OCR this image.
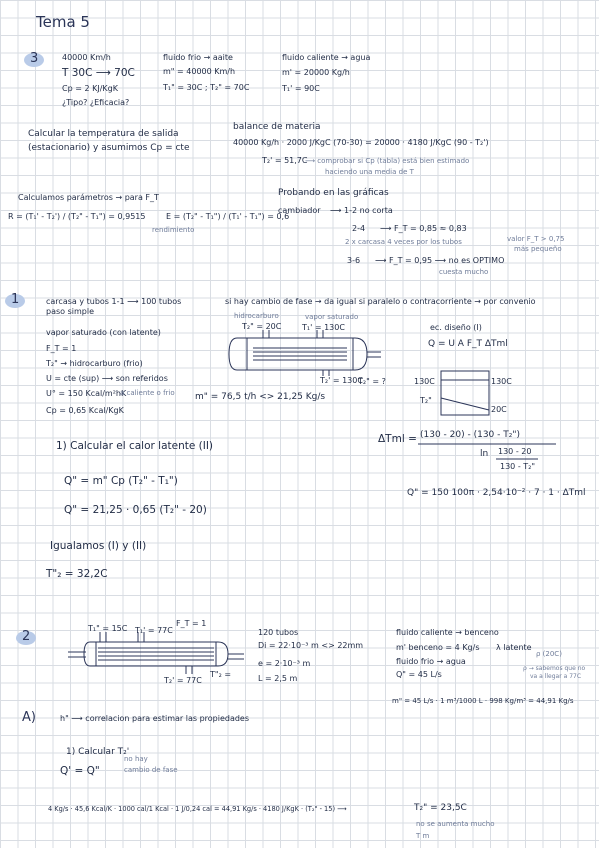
Tema 5
3	40000 Km/h
T 30C ⟶ 70C
Cp = 2 KJ/KgK
¿Tipo? ¿Eficacia?
fluido frio → aaite
m" = 40000 Km/h
T₁" = 30C ; T₂" = 70C
fluido caliente → agua
m' = 20000 Kg/h
T₁' = 90C
Calcular la temperatura de salida
(estacionario) y asumimos Cp = cte
balance de materia
40000 Kg/h · 2000 J/KgC (70-30) = 20000 · 4180 J/KgC (90 - T₂')
T₂' = 51,7C
⟶ comprobar si Cp (tabla) está bien estimado
haciendo una media de T
Calculamos parámetros → para F_T
R = (T₁' - T₂') / (T₂" - T₁") = 0,9515	E = (T₂" - T₁") / (T₁' - T₁") = 0,6
rendimiento
Probando en las gráficas
cambiador ⟶ 1-2 no corta
2-4 ⟶ F_T = 0,85 ≈ 0,83
2 x carcasa 4 veces por los tubos	valor F_T > 0,75
más pequeño
3-6 ⟶ F_T = 0,95 ⟶ no es OPTIMO
cuesta mucho
1	carcasa y tubos 1-1 ⟶ 100 tubos
paso simple
si hay cambio de fase → da igual si paralelo o contracorriente → por convenio
hidrocarburo	vapor saturado
T₂" = 20C	T₁' = 130C
T₂' = 130C
T₂" = ?
vapor saturado (con latente)
F_T = 1
T₂" → hidrocarburo (frio)
U = cte (sup) ⟶ son referidos
U° = 150 Kcal/m²hK
a caliente o frio
Cp = 0,65 Kcal/KgK
m" = 76,5 t/h <> 21,25 Kg/s
ec. diseño (I)
Q = U A F_T ΔTml
130C	130C
T₂"
20C
1) Calcular el calor latente (II)
Q" = m" Cp (T₂" - T₁")
Q" = 21,25 · 0,65 (T₂" - 20)
ΔTml = (130 - 20) - (130 - T₂")
ln 130 - 20
130 - T₂"
Q" = 150 100π · 2,54·10⁻² · 7 · 1 · ΔTml
Igualamos (I) y (II)
T"₂ = 32,2C
2
T₁" = 15C T₁' = 77C
F_T = 1
T₂' = 77C
T"₂ =
120 tubos
Di = 22·10⁻³ m <> 22mm
e = 2·10⁻³ m
L = 2,5 m
fluido caliente → benceno
m' benceno = 4 Kg/s
fluido frio → agua
Q" = 45 L/s
λ latente
ρ (20C)
ρ → sabemos que no
va a llegar a 77C
m" = 45 L/s · 1 m³/1000 L · 998 Kg/m³ = 44,91 Kg/s
A)	h" ⟶ correlacion para estimar las propiedades
1) Calcular T₂'
no hay
cambio de fase
Q' = Q"
4 Kg/s · 45,6 Kcal/K · 1000 cal/1 Kcal · 1 J/0,24 cal = 44,91 Kg/s · 4180 J/KgK · (T₂" - 15) ⟶	T₂" = 23,5C
no se aumenta mucho
T m
